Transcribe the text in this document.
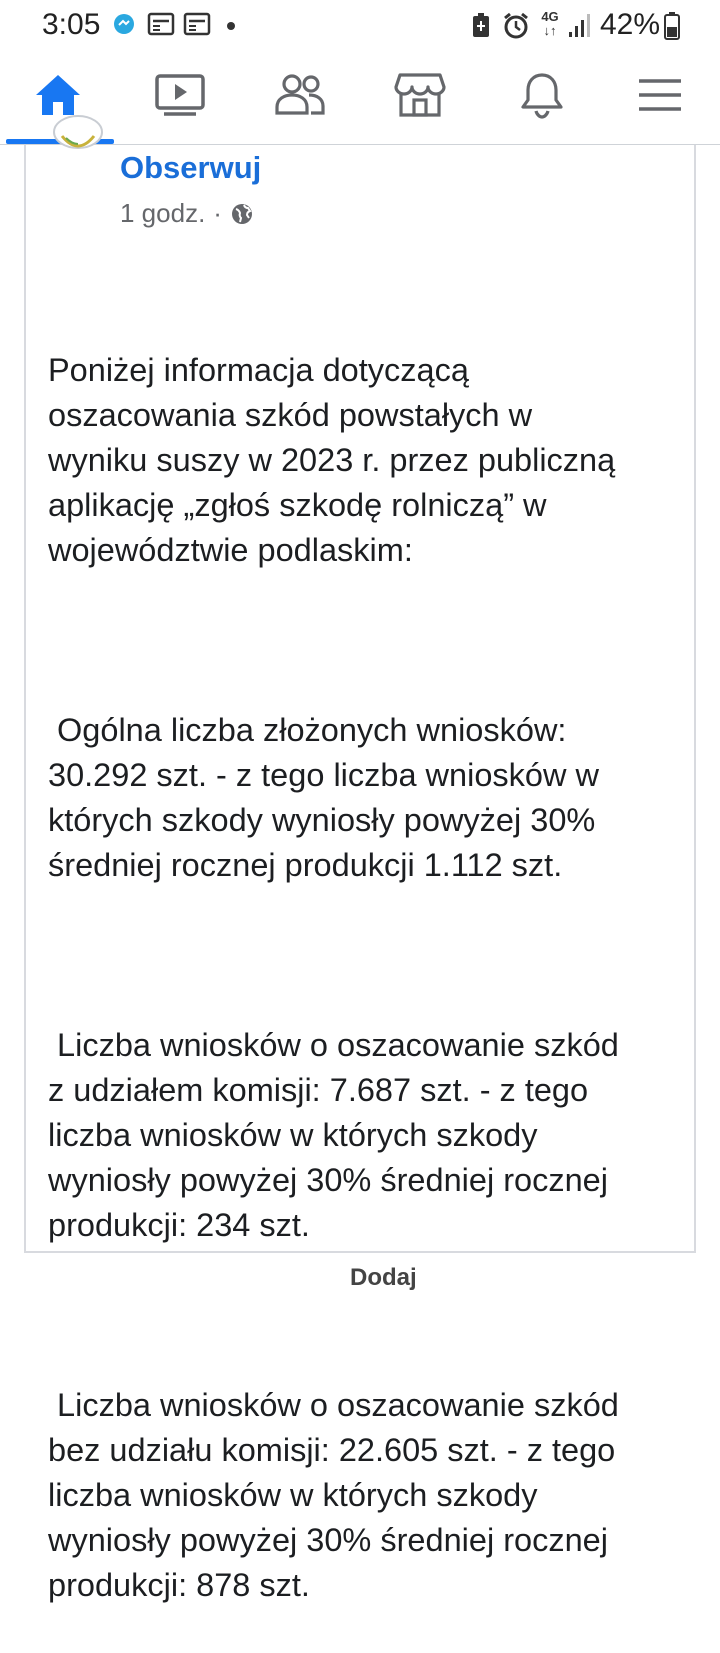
3:05	4G
↓↑ 42%
Obserwuj
1 godz. ·

Poniżej informacja dotyczącą
oszacowania szkód powstałych w
wyniku suszy w 2023 r. przez publiczną
aplikację „zgłoś szkodę rolniczą” w
województwie podlaskim:

Ogólna liczba złożonych wniosków:
30.292 szt. - z tego liczba wniosków w
których szkody wyniosły powyżej 30%
średniej rocznej produkcji 1.112 szt.

Liczba wniosków o oszacowanie szkód
z udziałem komisji: 7.687 szt. - z tego
liczba wniosków w których szkody
wyniosły powyżej 30% średniej rocznej
produkcji: 234 szt.

Liczba wniosków o oszacowanie szkód
bez udziału komisji: 22.605 szt. - z tego
liczba wniosków w których szkody
wyniosły powyżej 30% średniej rocznej
produkcji: 878 szt.

Dodaj
